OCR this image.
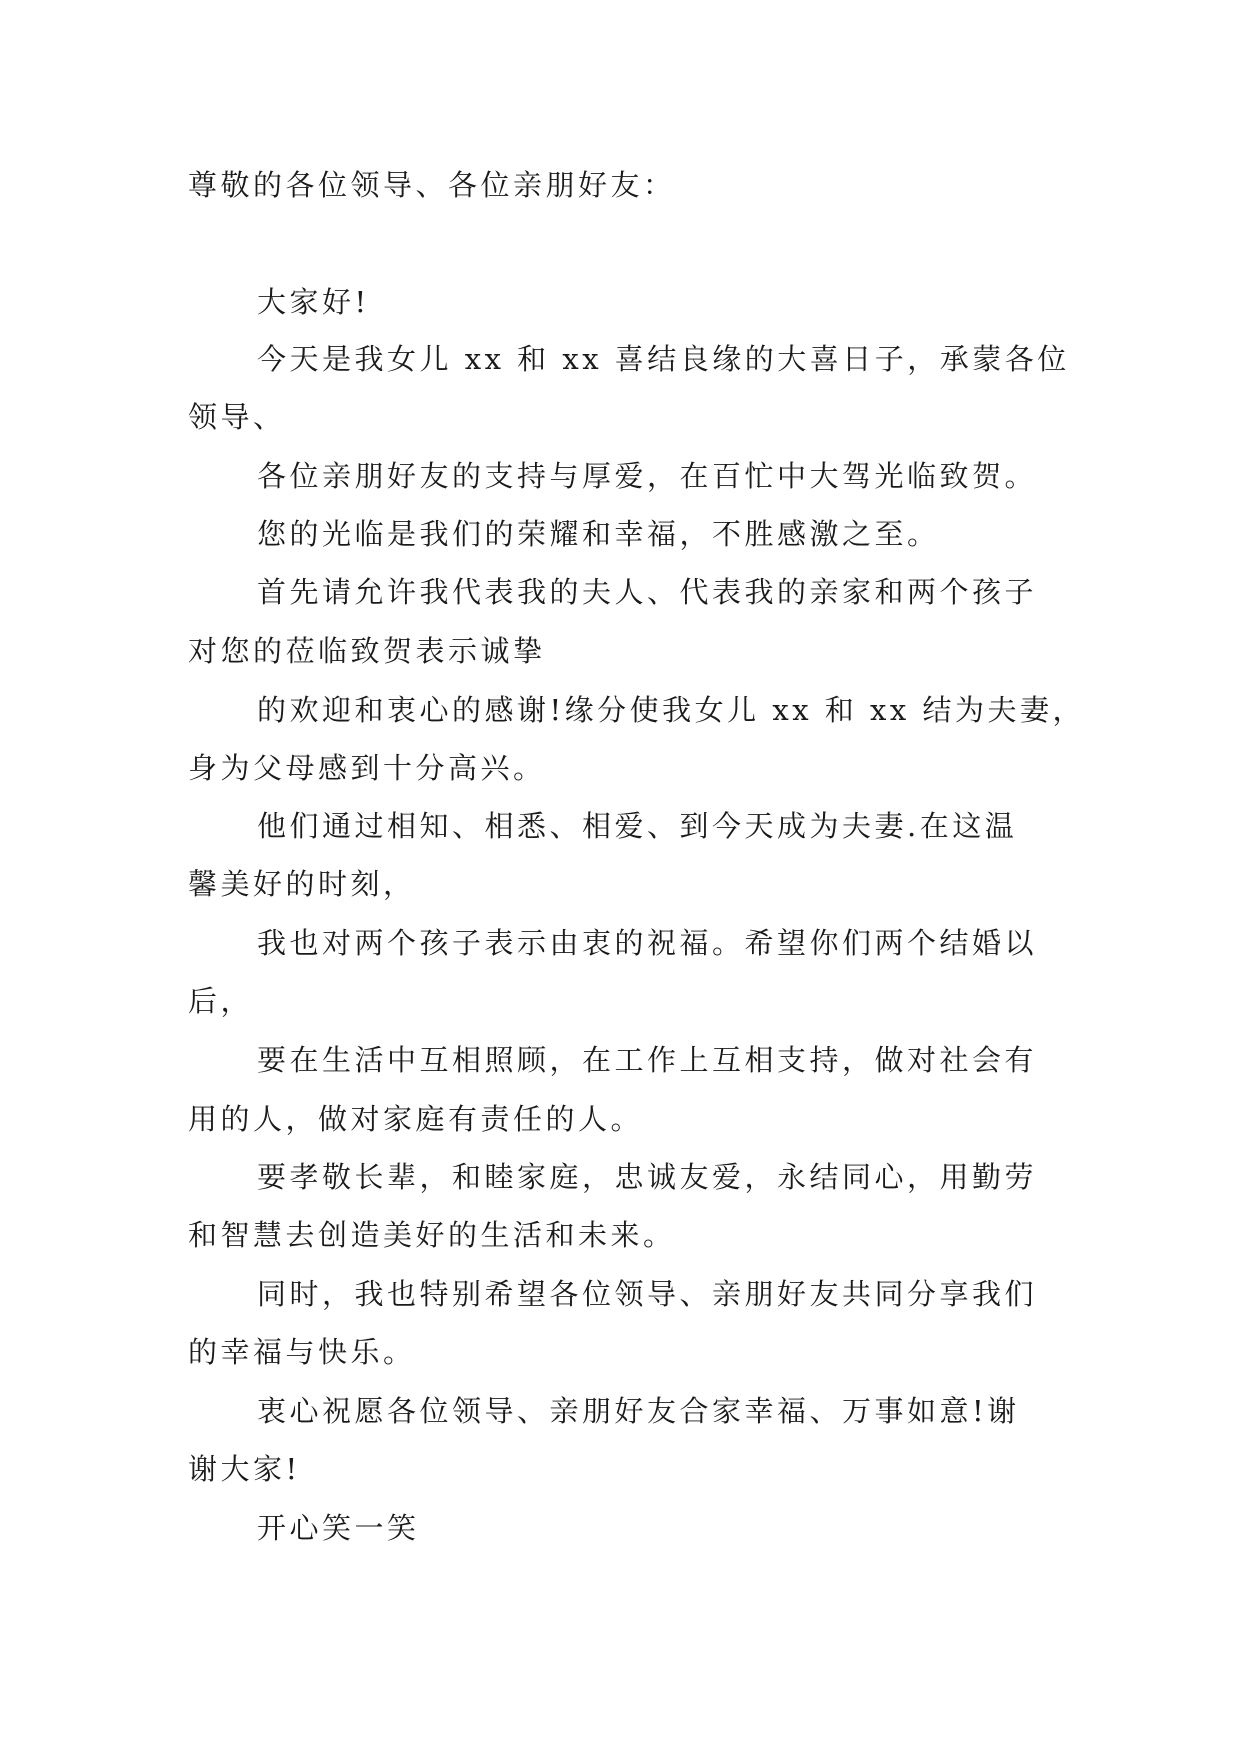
尊敬的各位领导、各位亲朋好友：
大家好!
今天是我女儿 xx 和 xx 喜结良缘的大喜日子，承蒙各位
领导、
各位亲朋好友的支持与厚爱，在百忙中大驾光临致贺。
您的光临是我们的荣耀和幸福，不胜感激之至。
首先请允许我代表我的夫人、代表我的亲家和两个孩子
对您的莅临致贺表示诚挚
的欢迎和衷心的感谢!缘分使我女儿 xx 和 xx 结为夫妻，
身为父母感到十分高兴。
他们通过相知、相悉、相爱、到今天成为夫妻.在这温
馨美好的时刻，
我也对两个孩子表示由衷的祝福。希望你们两个结婚以
后，
要在生活中互相照顾，在工作上互相支持，做对社会有
用的人，做对家庭有责任的人。
要孝敬长辈，和睦家庭，忠诚友爱，永结同心，用勤劳
和智慧去创造美好的生活和未来。
同时，我也特别希望各位领导、亲朋好友共同分享我们
的幸福与快乐。
衷心祝愿各位领导、亲朋好友合家幸福、万事如意!谢
谢大家!
开心笑一笑
